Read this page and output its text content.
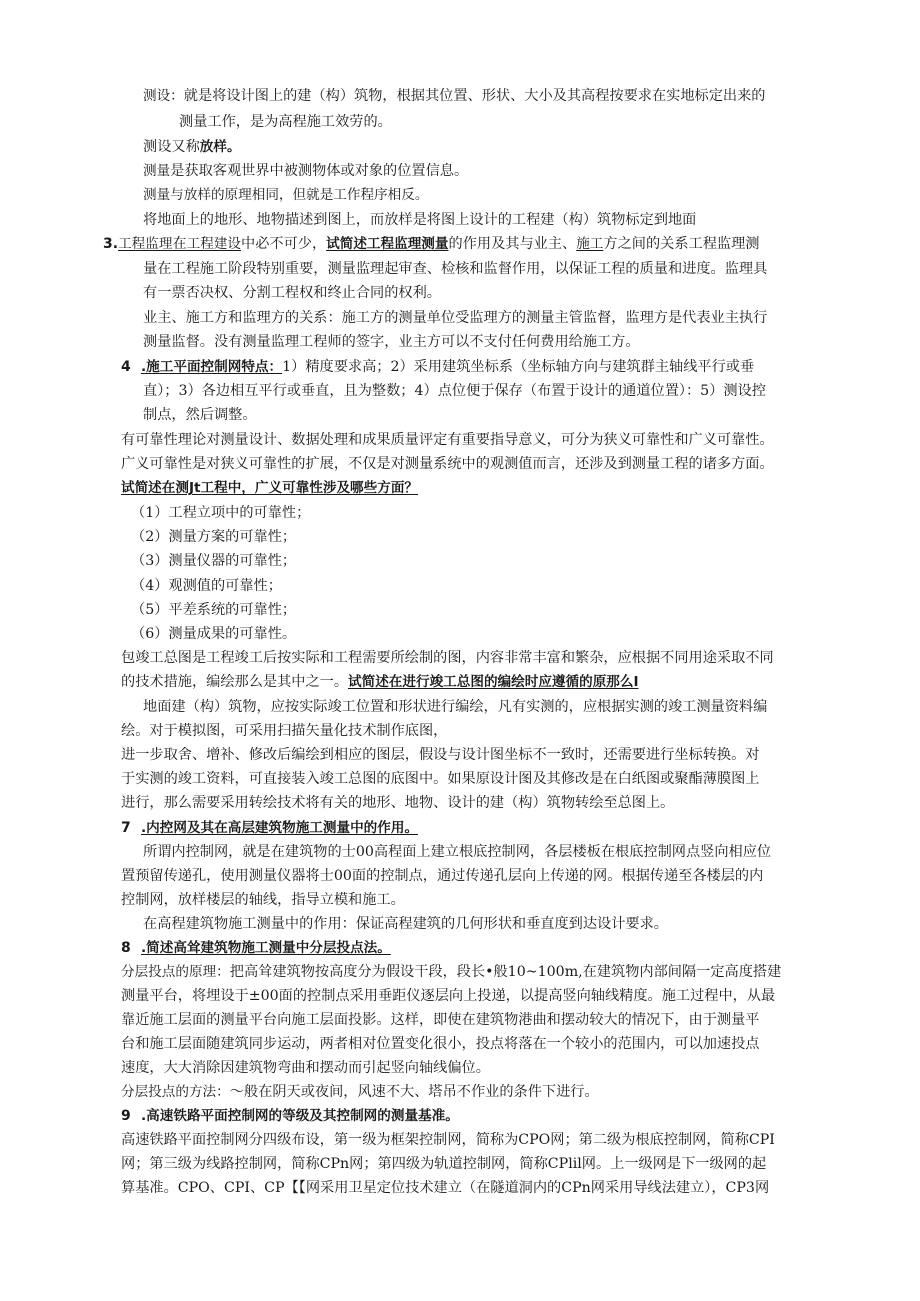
测设：就是将设计图上的建（构）筑物，根据其位置、形状、大小及其高程按要求在实地标定出来的
测量工作，是为高程施工效劳的。
测设又称放样。
测量是获取客观世界中被测物体或对象的位置信息。
测量与放样的原理相同，但就是工作程序相反。
将地面上的地形、地物描述到图上，而放样是将图上设计的工程建（构）筑物标定到地面
3.工程监理在工程建设中必不可少，试简述工程监理测量的作用及其与业主、施工方之间的关系工程监理测
量在工程施工阶段特别重要，测量监理起审查、检核和监督作用，以保证工程的质量和进度。监理具
有一票否决权、分割工程权和终止合同的权利。
业主、施工方和监理方的关系：施工方的测量单位受监理方的测量主管监督，监理方是代表业主执行
测量监督。没有测量监理工程师的签字，业主方可以不支付任何费用给施工方。
4 .施工平面控制网特点：1）精度要求高；2）采用建筑坐标系（坐标轴方向与建筑群主轴线平行或垂
直）；3）各边相互平行或垂直，且为整数；4）点位便于保存（布置于设计的通道位置）：5）测设控
制点，然后调整。
有可靠性理论对测量设计、数据处理和成果质量评定有重要指导意义，可分为狭义可靠性和广义可靠性。
广义可靠性是对狭义可靠性的扩展，不仅是对测量系统中的观测值而言，还涉及到测量工程的诸多方面。
试简述在测Jt工程中，广义可靠性涉及哪些方面？
（1）工程立项中的可靠性；
（2）测量方案的可靠性；
（3）测量仪器的可靠性；
（4）观测值的可靠性；
（5）平差系统的可靠性；
（6）测量成果的可靠性。
包竣工总图是工程竣工后按实际和工程需要所绘制的图，内容非常丰富和繁杂，应根据不同用途采取不同
的技术措施，编绘那么是其中之一。试简述在进行竣工总图的编绘时应遵循的原那么I
地面建（构）筑物，应按实际竣工位置和形状进行编绘，凡有实测的，应根据实测的竣工测量资料编
绘。对于模拟图，可采用扫描矢量化技术制作底图，
进一步取舍、增补、修改后编绘到相应的图层，假设与设计图坐标不一致时，还需要进行坐标转换。对
于实测的竣工资料，可直接装入竣工总图的底图中。如果原设计图及其修改是在白纸图或聚酯薄膜图上
进行，那么需要采用转绘技术将有关的地形、地物、设计的建（构）筑物转绘至总图上。
7 .内控网及其在高层建筑物施工测量中的作用。
所谓内控制网，就是在建筑物的士00高程面上建立根底控制网，各层楼板在根底控制网点竖向相应位
置预留传递孔，使用测量仪器将士00面的控制点，通过传递孔层向上传递的网。根据传递至各楼层的内
控制网，放样楼层的轴线，指导立模和施工。
在高程建筑物施工测量中的作用：保证高程建筑的几何形状和垂直度到达设计要求。
8 .简述高耸建筑物施工测量中分层投点法。
分层投点的原理：把高耸建筑物按高度分为假设干段，段长•般10~100m,在建筑物内部间隔一定高度搭建
测量平台，将埋设于±00面的控制点采用垂距仪逐层向上投递，以提高竖向轴线精度。施工过程中，从最
靠近施工层面的测量平台向施工层面投影。这样，即使在建筑物港曲和摆动较大的情况下，由于测量平
台和施工层面随建筑同步运动，两者相对位置变化很小，投点将落在一个较小的范围内，可以加速投点
速度，大大消除因建筑物弯曲和摆动而引起竖向轴线偏位。
分层投点的方法：～般在阴天或夜间，风速不大、塔吊不作业的条件下进行。
9 .高速铁路平面控制网的等级及其控制网的测量基准。
高速铁路平面控制网分四级布设，第一级为框架控制网，简称为CPO网；第二级为根底控制网，简称CPI
网；第三级为线路控制网，简称CPn网；第四级为轨道控制网，简称CPlil网。上一级网是下一级网的起
算基准。CPO、CPI、CP【【网采用卫星定位技术建立（在隧道洞内的CPn网采用导线法建立），CP3网
